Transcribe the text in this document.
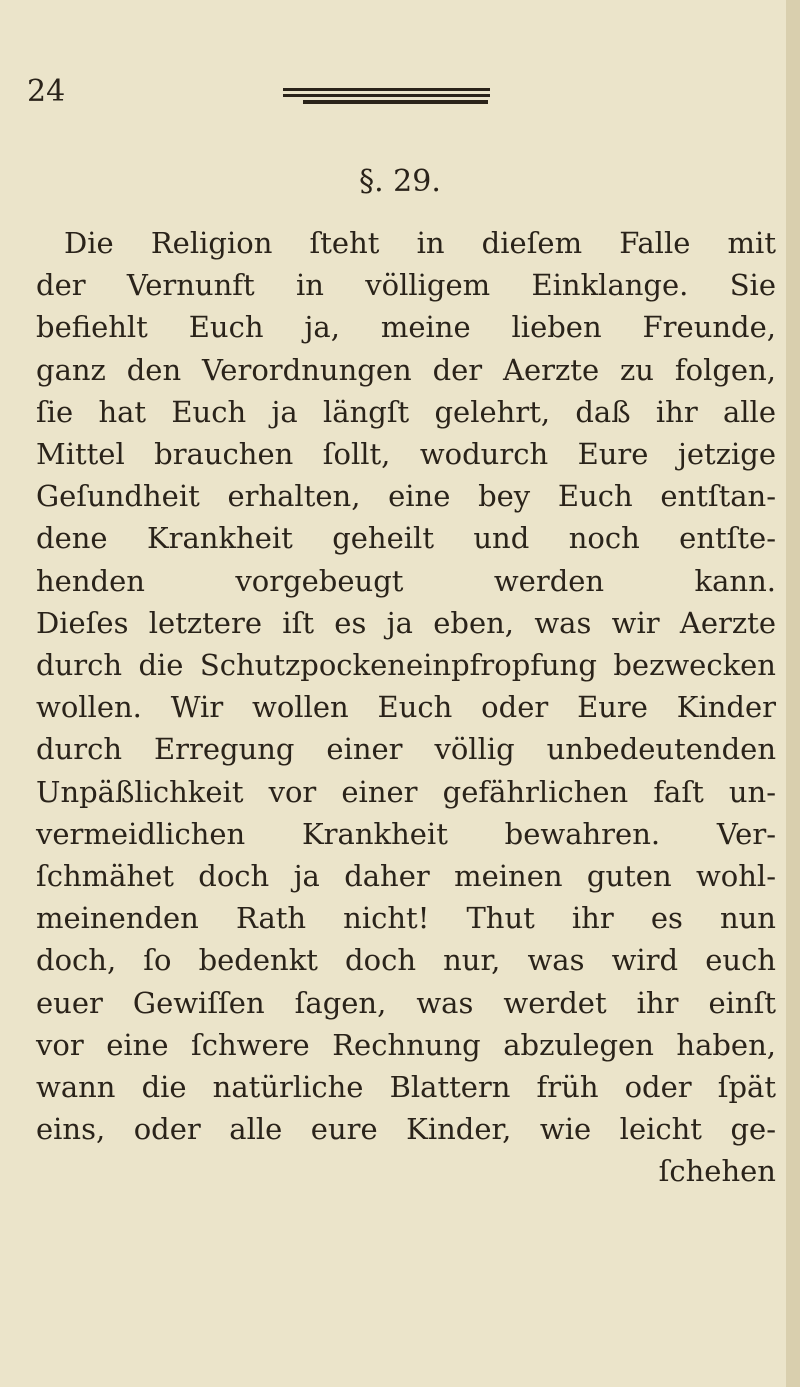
24
§. 29.
Die Religion ſteht in dieſem Falle mit
der Vernunft in völligem Einklange. Sie
befiehlt Euch ja, meine lieben Freunde,
ganz den Verordnungen der Aerzte zu folgen,
ſie hat Euch ja längſt gelehrt, daß ihr alle
Mittel brauchen ſollt, wodurch Eure jetzige
Geſundheit erhalten, eine bey Euch entſtan-
dene Krankheit geheilt und noch entſte-
henden vorgebeugt werden kann.
Dieſes letztere iſt es ja eben, was wir Aerzte
durch die Schutzpockeneinpfropfung bezwecken
wollen. Wir wollen Euch oder Eure Kinder
durch Erregung einer völlig unbedeutenden
Unpäßlichkeit vor einer gefährlichen faſt un-
vermeidlichen Krankheit bewahren. Ver-
ſchmähet doch ja daher meinen guten wohl-
meinenden Rath nicht! Thut ihr es nun
doch, ſo bedenkt doch nur, was wird euch
euer Gewiſſen ſagen, was werdet ihr einſt
vor eine ſchwere Rechnung abzulegen haben,
wann die natürliche Blattern früh oder ſpät
eins, oder alle eure Kinder, wie leicht ge-
ſchehen
